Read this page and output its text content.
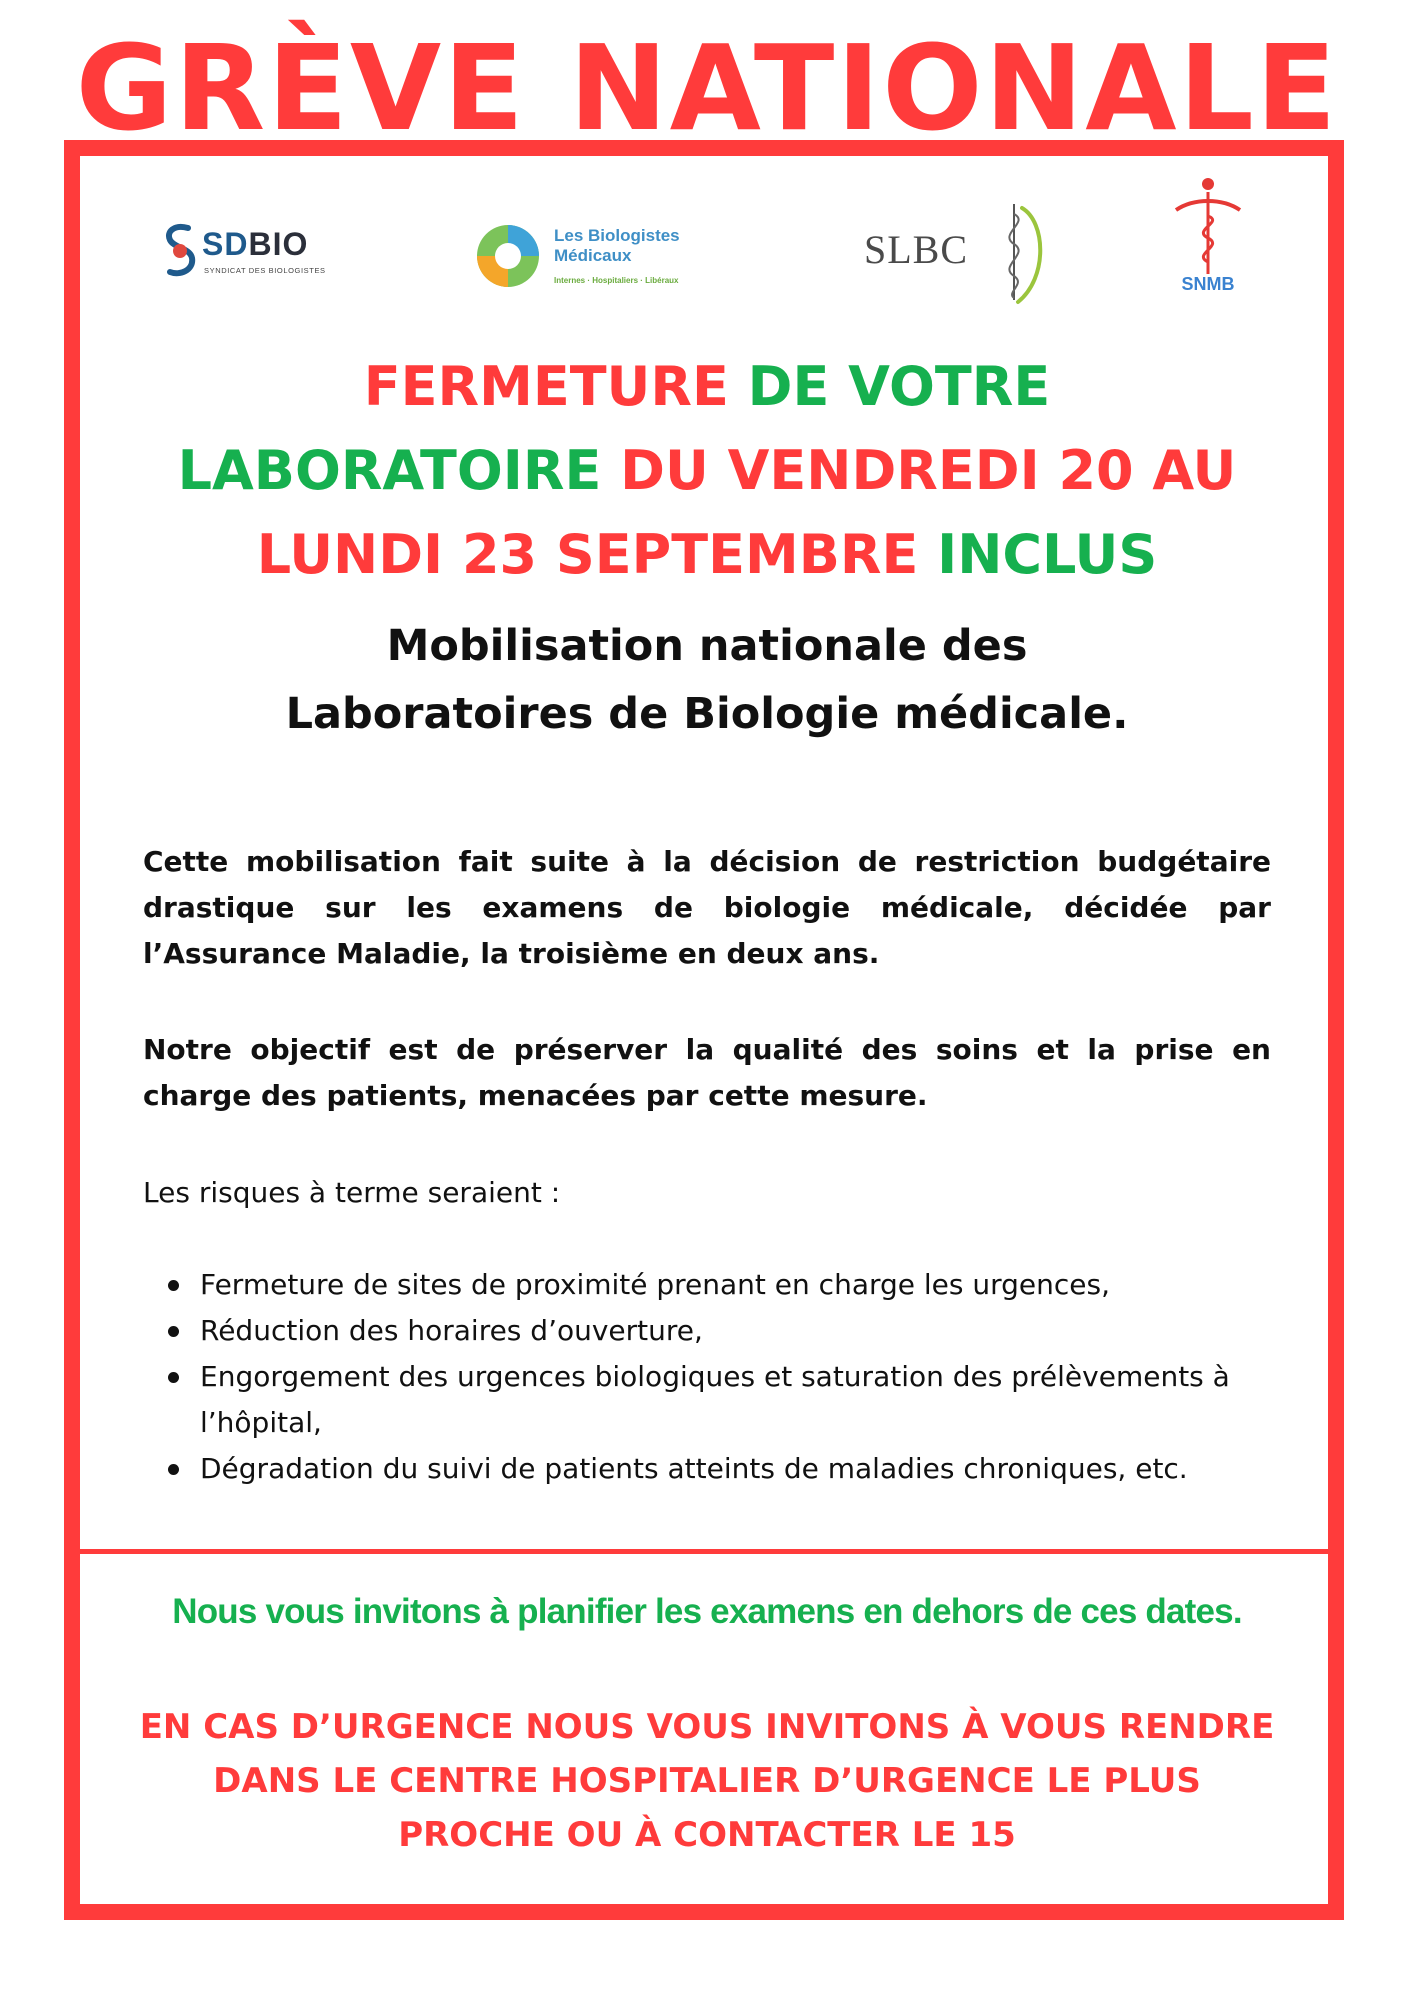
GRÈVE NATIONALE
SDBIO
SYNDICAT DES BIOLOGISTES
Les Biologistes
Médicaux
Internes · Hospitaliers · Libéraux
SLBC
SNMB
FERMETURE DE VOTRE
LABORATOIRE DU VENDREDI 20 AU
LUNDI 23 SEPTEMBRE INCLUS
Mobilisation nationale des
Laboratoires de Biologie médicale.

Cette mobilisation fait suite à la décision de restriction budgétaire drastique sur les examens de biologie médicale, décidée par l’Assurance Maladie, la troisième en deux ans.

Notre objectif est de préserver la qualité des soins et la prise en charge des patients, menacées par cette mesure.

Les risques à terme seraient :

Fermeture de sites de proximité prenant en charge les urgences,
Réduction des horaires d’ouverture,
Engorgement des urgences biologiques et saturation des prélèvements à l’hôpital,
Dégradation du suivi de patients atteints de maladies chroniques, etc.

Nous vous invitons à planifier les examens en dehors de ces dates.

EN CAS D’URGENCE NOUS VOUS INVITONS À VOUS RENDRE
DANS LE CENTRE HOSPITALIER D’URGENCE LE PLUS
PROCHE OU À CONTACTER LE 15
